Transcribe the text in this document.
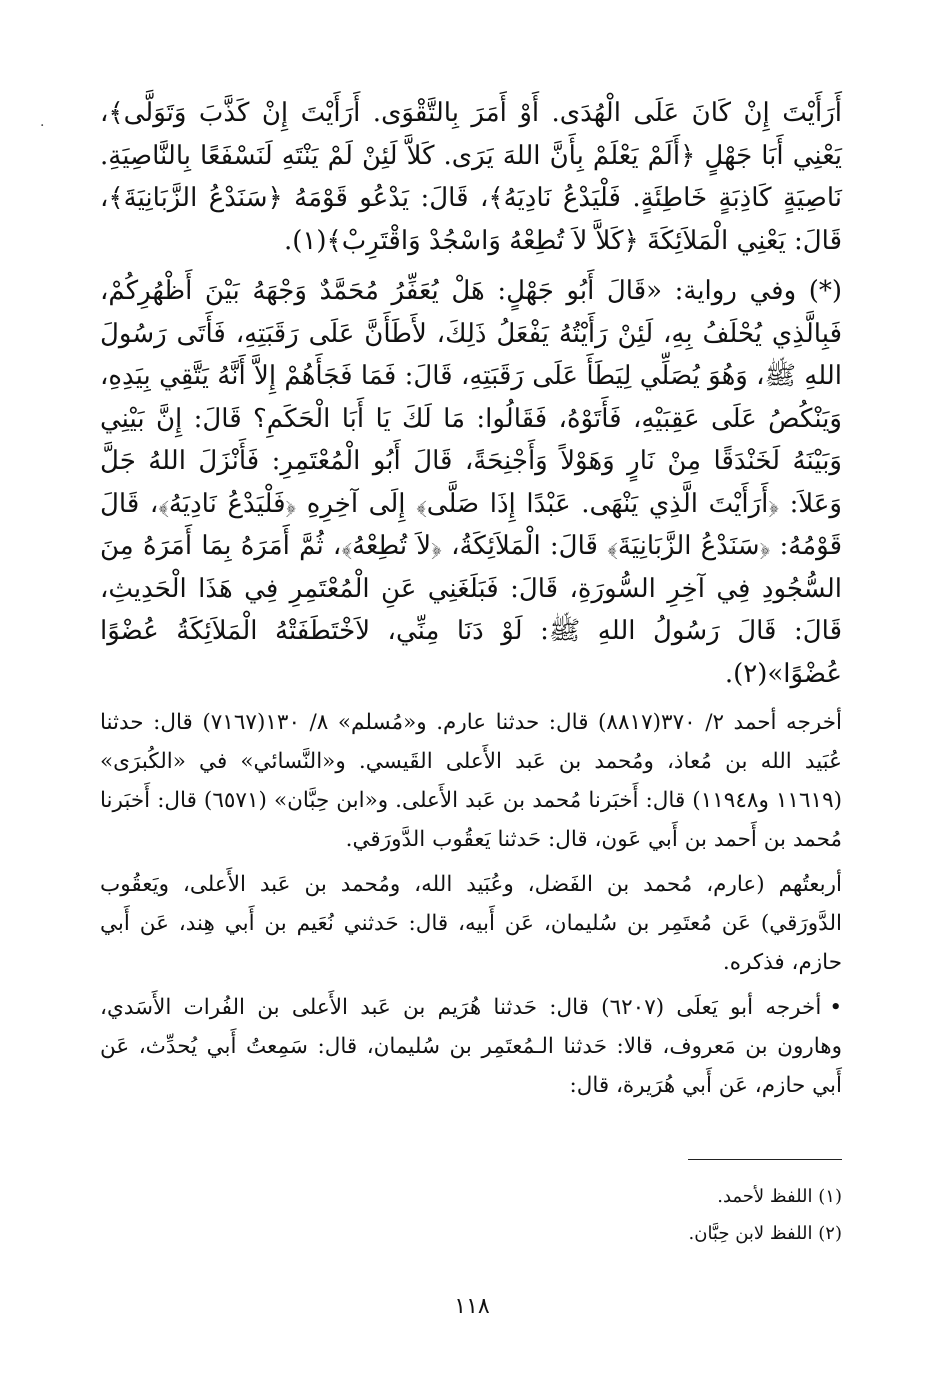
أَرَأَيْتَ إِنْ كَانَ عَلَى الْهُدَى. أَوْ أَمَرَ بِالتَّقْوَى. أَرَأَيْتَ إِنْ كَذَّبَ وَتَوَلَّى﴾، يَعْنِي أَبَا جَهْلٍ ﴿أَلَمْ يَعْلَمْ بِأَنَّ اللهَ يَرَى. كَلاَّ لَئِنْ لَمْ يَنْتَهِ لَنَسْفَعًا بِالنَّاصِيَةِ. نَاصِيَةٍ كَاذِبَةٍ خَاطِئَةٍ. فَلْيَدْعُ نَادِيَهُ﴾، قَالَ: يَدْعُو قَوْمَهُ ﴿سَنَدْعُ الزَّبَانِيَةَ﴾، قَالَ: يَعْنِي الْمَلاَئِكَةَ ﴿كَلاَّ لاَ تُطِعْهُ وَاسْجُدْ وَاقْتَرِبْ﴾(١).

(*) وفي رواية: «قَالَ أَبُو جَهْلٍ: هَلْ يُعَفِّرُ مُحَمَّدٌ وَجْهَهُ بَيْنَ أَظْهُرِكُمْ، فَبِالَّذِي يُحْلَفُ بِهِ، لَئِنْ رَأَيْتُهُ يَفْعَلُ ذَلِكَ، لأَطَأَنَّ عَلَى رَقَبَتِهِ، فَأَتَى رَسُولَ اللهِ ﷺ، وَهُوَ يُصَلِّي لِيَطَأَ عَلَى رَقَبَتِهِ، قَالَ: فَمَا فَجَأَهُمْ إِلاَّ أَنَّهُ يَتَّقِي بِيَدِهِ، وَيَنْكُصُ عَلَى عَقِبَيْهِ، فَأَتَوْهُ، فَقَالُوا: مَا لَكَ يَا أَبَا الْحَكَمِ؟ قَالَ: إِنَّ بَيْنِي وَبَيْنَهُ لَخَنْدَقًا مِنْ نَارٍ وَهَوْلاً وَأَجْنِحَةً، قَالَ أَبُو الْمُعْتَمِرِ: فَأَنْزَلَ اللهُ جَلَّ وَعَلاَ: ﴿أَرَأَيْتَ الَّذِي يَنْهَى. عَبْدًا إِذَا صَلَّى﴾ إِلَى آخِرِهِ ﴿فَلْيَدْعُ نَادِيَهُ﴾، قَالَ قَوْمُهُ: ﴿سَنَدْعُ الزَّبَانِيَةَ﴾ قَالَ: الْمَلاَئِكَةُ، ﴿لاَ تُطِعْهُ﴾، ثُمَّ أَمَرَهُ بِمَا أَمَرَهُ مِنَ السُّجُودِ فِي آخِرِ السُّورَةِ، قَالَ: فَبَلَغَنِي عَنِ الْمُعْتَمِرِ فِي هَذَا الْحَدِيثِ، قَالَ: قَالَ رَسُولُ اللهِ ﷺ: لَوْ دَنَا مِنِّي، لاَخْتَطَفَتْهُ الْمَلاَئِكَةُ عُضْوًا عُضْوًا»(٢).

أخرجه أحمد ٢/ ٣٧٠(٨٨١٧) قال: حدثنا عارم. و«مُسلم» ٨/ ١٣٠(٧١٦٧) قال: حدثنا عُبَيد الله بن مُعاذ، ومُحمد بن عَبد الأَعلى القَيسي. و«النَّسائي» في «الكُبرَى» (١١٦١٩ و١١٩٤٨) قال: أَخبَرنا مُحمد بن عَبد الأَعلى. و«ابن حِبَّان» (٦٥٧١) قال: أَخبَرنا مُحمد بن أَحمد بن أَبي عَون، قال: حَدثنا يَعقُوب الدَّورَقي.

أربعتُهم (عارم، مُحمد بن الفَضل، وعُبَيد الله، ومُحمد بن عَبد الأَعلى، ويَعقُوب الدَّورَقي) عَن مُعتَمِر بن سُليمان، عَن أَبيه، قال: حَدثني نُعَيم بن أَبي هِند، عَن أَبي حازم، فذكره.

•أخرجه أبو يَعلَى (٦٢٠٧) قال: حَدثنا هُرَيم بن عَبد الأَعلى بن الفُرات الأَسَدي، وهارون بن مَعروف، قالا: حَدثنا الـمُعتَمِر بن سُليمان، قال: سَمِعتُ أَبي يُحدِّث، عَن أَبي حازم، عَن أَبي هُرَيرة، قال:

(١) اللفظ لأحمد.

(٢) اللفظ لابن حِبَّان.

١١٨
·
